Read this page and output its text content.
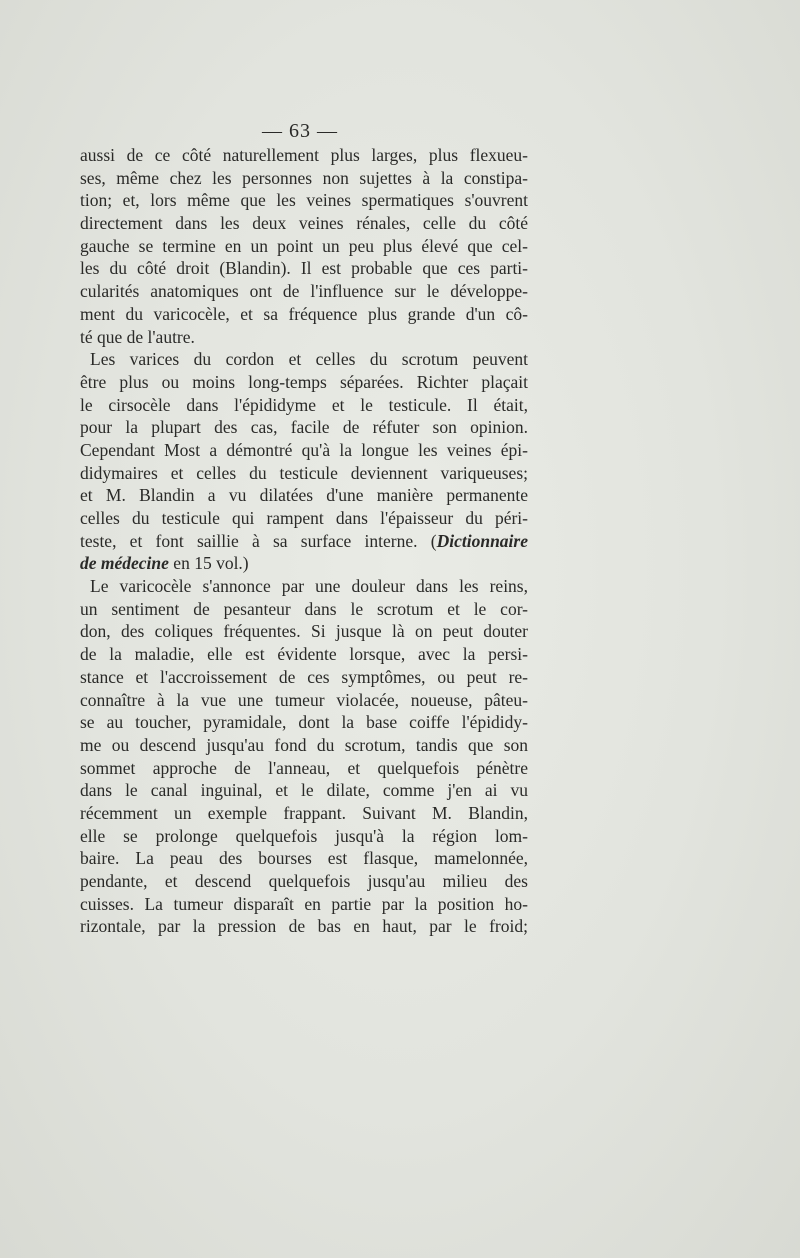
— 63 —
aussi de ce côté naturellement plus larges, plus flexueu-
ses, même chez les personnes non sujettes à la constipa-
tion; et, lors même que les veines spermatiques s'ouvrent
directement dans les deux veines rénales, celle du côté
gauche se termine en un point un peu plus élevé que cel-
les du côté droit (Blandin). Il est probable que ces parti-
cularités anatomiques ont de l'influence sur le développe-
ment du varicocèle, et sa fréquence plus grande d'un cô-
té que de l'autre.
Les varices du cordon et celles du scrotum peuvent
être plus ou moins long-temps séparées. Richter plaçait
le cirsocèle dans l'épididyme et le testicule. Il était,
pour la plupart des cas, facile de réfuter son opinion.
Cependant Most a démontré qu'à la longue les veines épi-
didymaires et celles du testicule deviennent variqueuses;
et M. Blandin a vu dilatées d'une manière permanente
celles du testicule qui rampent dans l'épaisseur du péri-
teste, et font saillie à sa surface interne. (Dictionnaire
de médecine en 15 vol.)
Le varicocèle s'annonce par une douleur dans les reins,
un sentiment de pesanteur dans le scrotum et le cor-
don, des coliques fréquentes. Si jusque là on peut douter
de la maladie, elle est évidente lorsque, avec la persi-
stance et l'accroissement de ces symptômes, ou peut re-
connaître à la vue une tumeur violacée, noueuse, pâteu-
se au toucher, pyramidale, dont la base coiffe l'épididy-
me ou descend jusqu'au fond du scrotum, tandis que son
sommet approche de l'anneau, et quelquefois pénètre
dans le canal inguinal, et le dilate, comme j'en ai vu
récemment un exemple frappant. Suivant M. Blandin,
elle se prolonge quelquefois jusqu'à la région lom-
baire. La peau des bourses est flasque, mamelonnée,
pendante, et descend quelquefois jusqu'au milieu des
cuisses. La tumeur disparaît en partie par la position ho-
rizontale, par la pression de bas en haut, par le froid;
